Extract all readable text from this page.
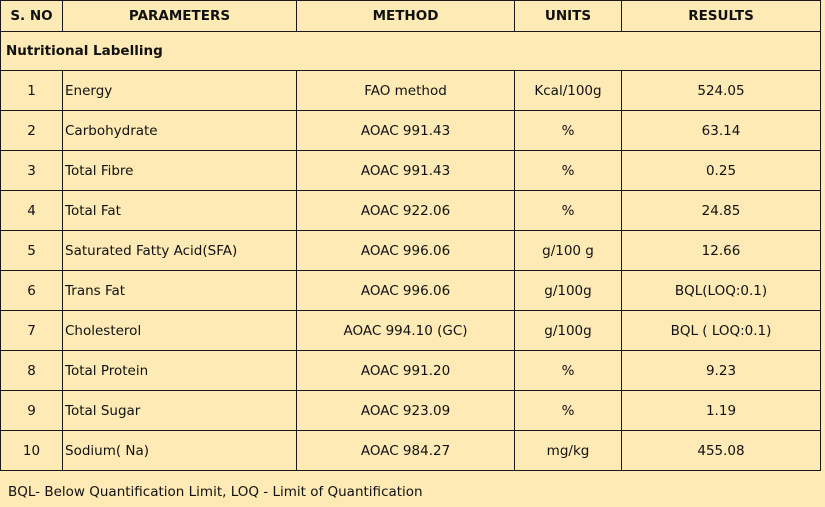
S. NO	PARAMETERS	METHOD	UNITS	RESULTS
Nutritional Labelling				
1	Energy	FAO method	Kcal/100g	524.05
2	Carbohydrate	AOAC 991.43	%	63.14
3	Total Fibre	AOAC 991.43	%	0.25
4	Total Fat	AOAC 922.06	%	24.85
5	Saturated Fatty Acid(SFA)	AOAC 996.06	g/100 g	12.66
6	Trans Fat	AOAC 996.06	g/100g	BQL(LOQ:0.1)
7	Cholesterol	AOAC 994.10 (GC)	g/100g	BQL ( LOQ:0.1)
8	Total Protein	AOAC 991.20	%	9.23
9	Total Sugar	AOAC 923.09	%	1.19
10	Sodium( Na)	AOAC 984.27	mg/kg	455.08
BQL- Below Quantification Limit, LOQ - Limit of Quantification
